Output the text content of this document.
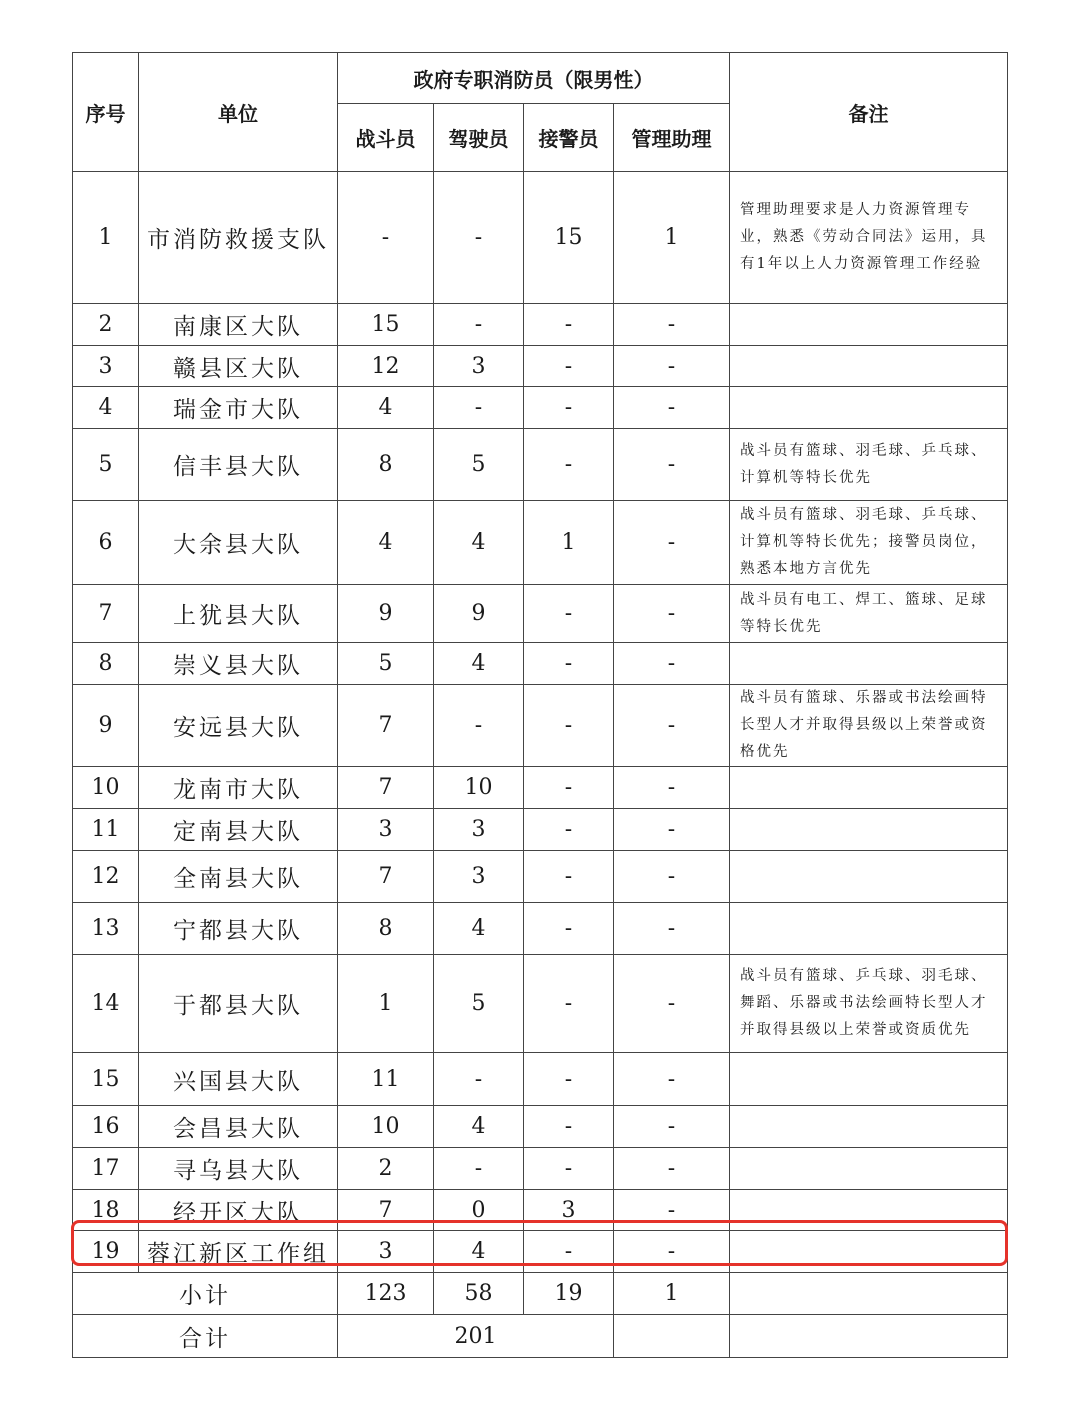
序号	单位	政府专职消防员（限男性）				备注
		战斗员	驾驶员	接警员	管理助理	
1	市消防救援支队	-	-	15	1	管理助理要求是人力资源管理专业，熟悉《劳动合同法》运用，具有1年以上人力资源管理工作经验
2	南康区大队	15	-	-	-	
3	赣县区大队	12	3	-	-	
4	瑞金市大队	4	-	-	-	
5	信丰县大队	8	5	-	-	战斗员有篮球、羽毛球、乒乓球、计算机等特长优先
6	大余县大队	4	4	1	-	战斗员有篮球、羽毛球、乒乓球、计算机等特长优先；接警员岗位，熟悉本地方言优先
7	上犹县大队	9	9	-	-	战斗员有电工、焊工、篮球、足球等特长优先
8	崇义县大队	5	4	-	-	
9	安远县大队	7	-	-	-	战斗员有篮球、乐器或书法绘画特长型人才并取得县级以上荣誉或资格优先
10	龙南市大队	7	10	-	-	
11	定南县大队	3	3	-	-	
12	全南县大队	7	3	-	-	
13	宁都县大队	8	4	-	-	
14	于都县大队	1	5	-	-	战斗员有篮球、乒乓球、羽毛球、舞蹈、乐器或书法绘画特长型人才并取得县级以上荣誉或资质优先
15	兴国县大队	11	-	-	-	
16	会昌县大队	10	4	-	-	
17	寻乌县大队	2	-	-	-	
18	经开区大队	7	0	3	-	
19	蓉江新区工作组	3	4	-	-	
小计		123	58	19	1	
合计		201				
